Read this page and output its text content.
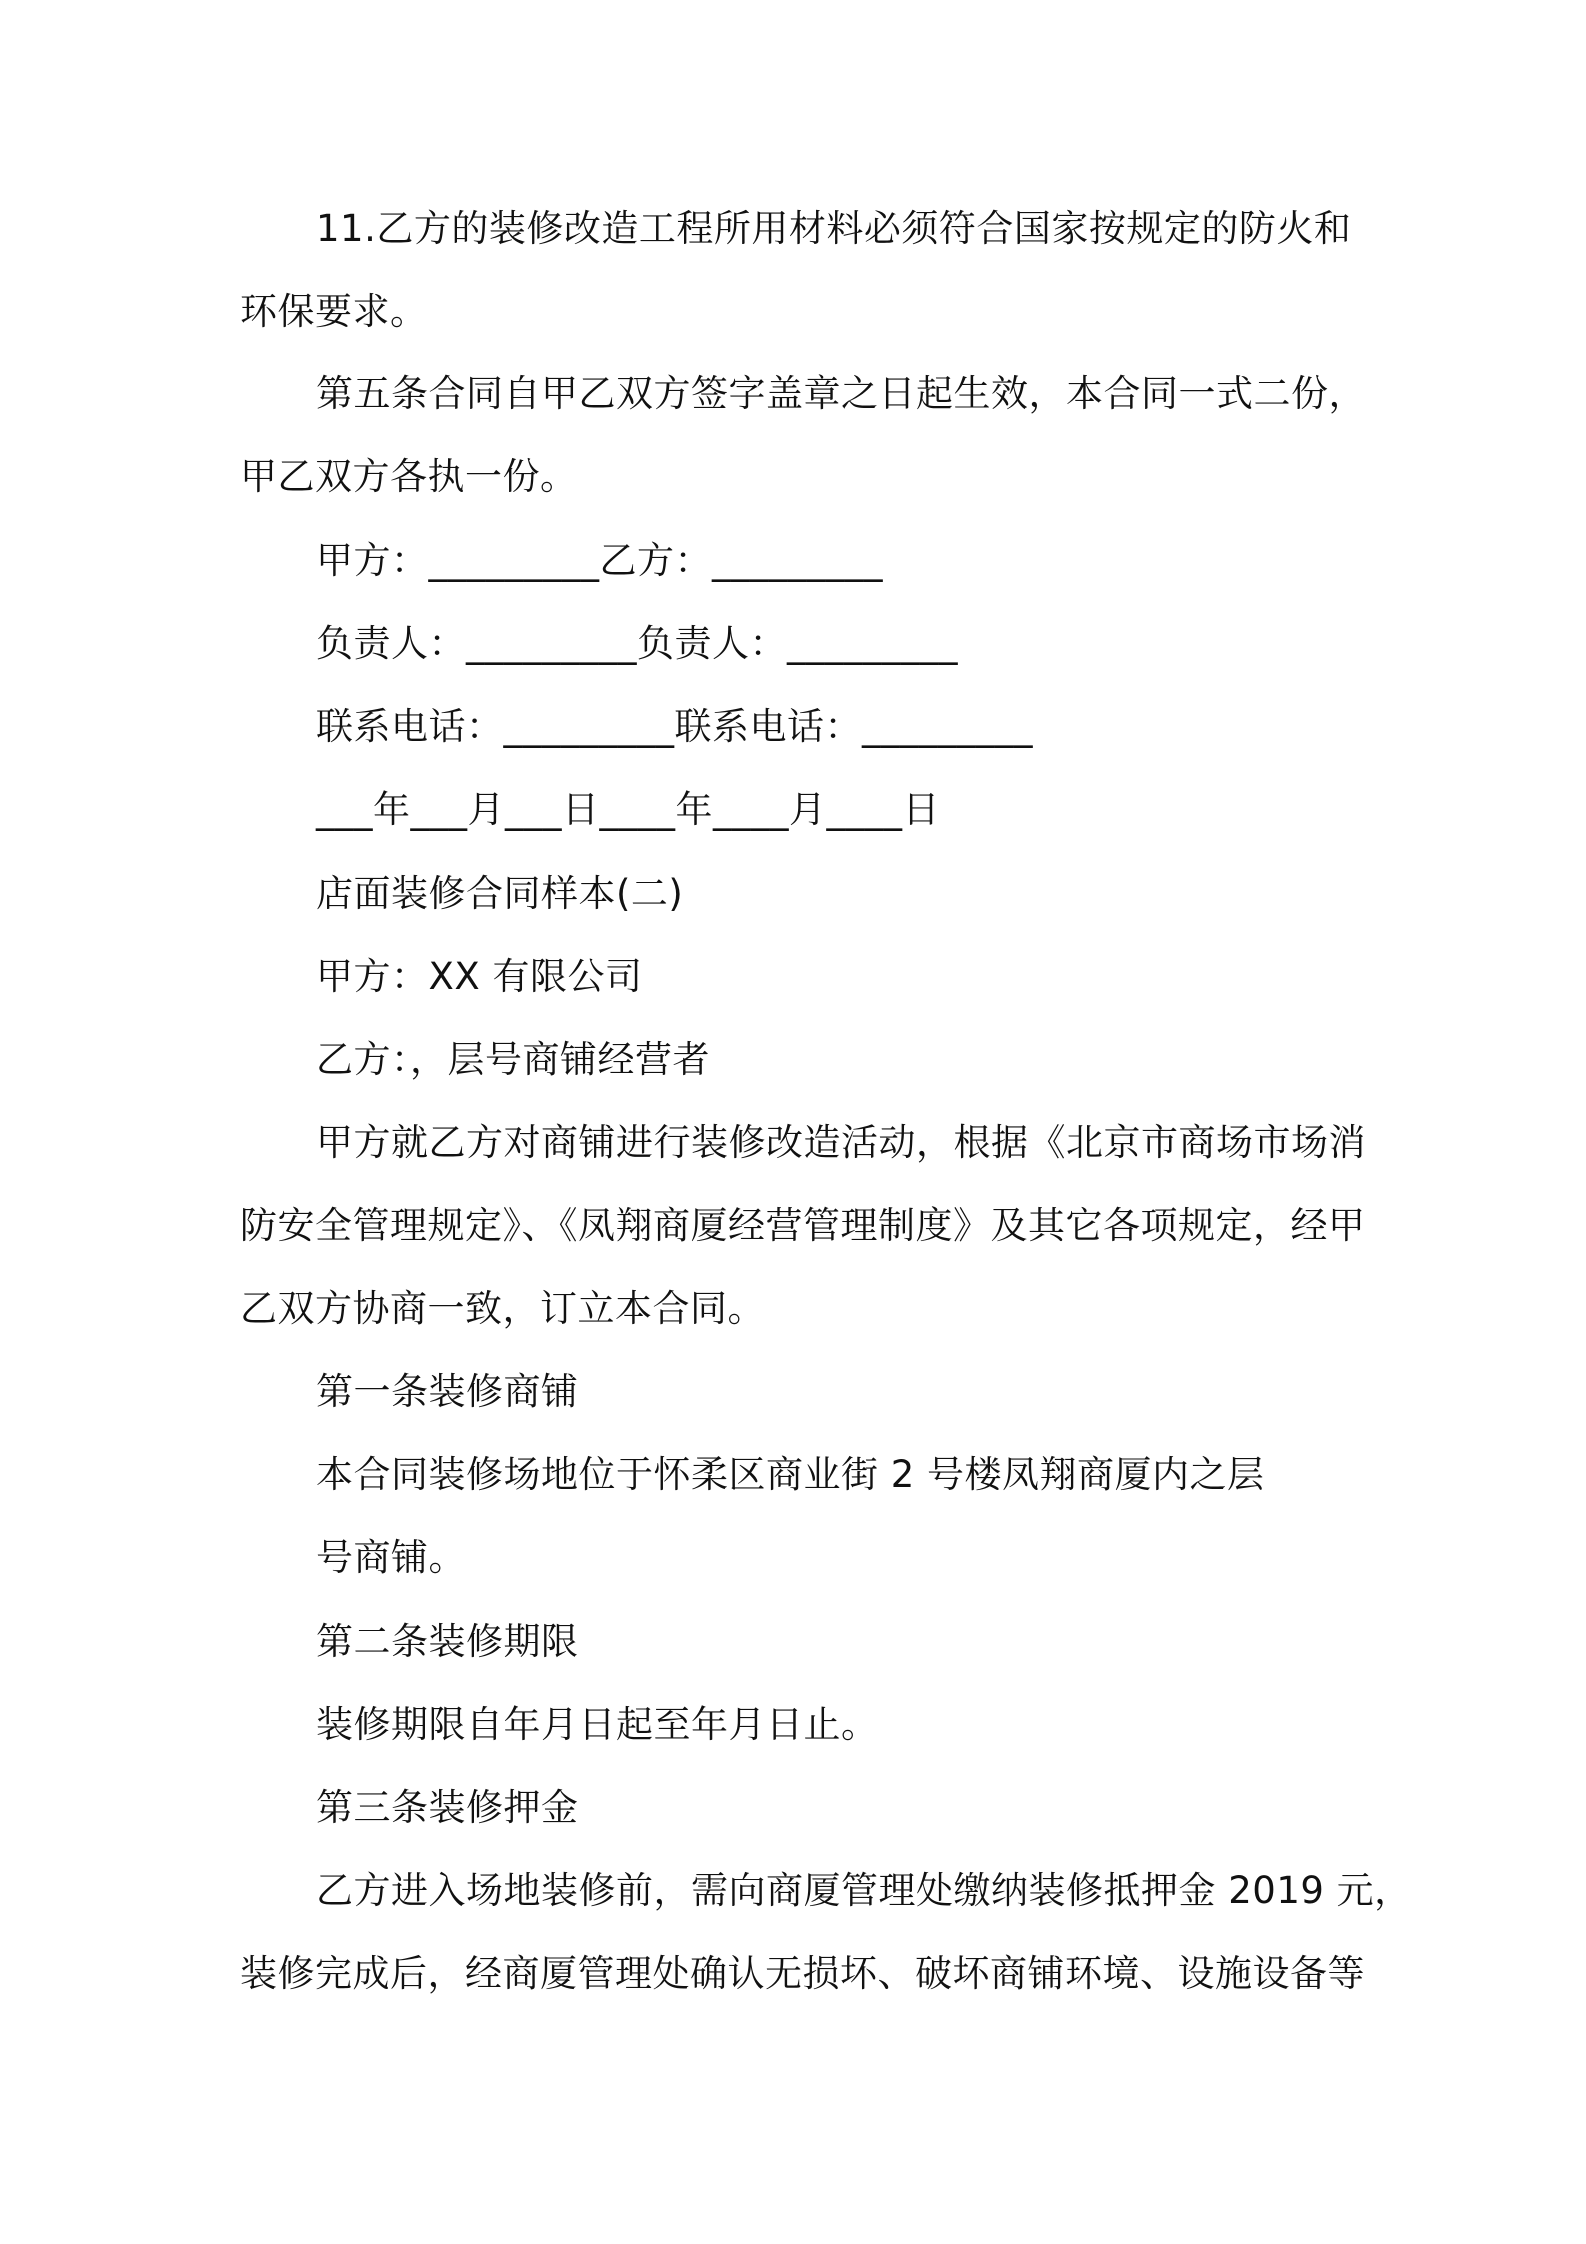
11.乙方的装修改造工程所用材料必须符合国家按规定的防火和
环保要求。
第五条合同自甲乙双方签字盖章之日起生效，本合同一式二份，
甲乙双方各执一份。
甲方：_________乙方：_________
负责人：_________负责人：_________
联系电话：_________联系电话：_________
___年___月___日____年____月____日
店面装修合同样本(二)
甲方：XX 有限公司
乙方：，层号商铺经营者
甲方就乙方对商铺进行装修改造活动，根据《北京市商场市场消
防安全管理规定》、《凤翔商厦经营管理制度》及其它各项规定，经甲
乙双方协商一致，订立本合同。
第一条装修商铺
本合同装修场地位于怀柔区商业街 2 号楼凤翔商厦内之层
号商铺。
第二条装修期限
装修期限自年月日起至年月日止。
第三条装修押金
乙方进入场地装修前，需向商厦管理处缴纳装修抵押金 2019 元，
装修完成后，经商厦管理处确认无损坏、破坏商铺环境、设施设备等
